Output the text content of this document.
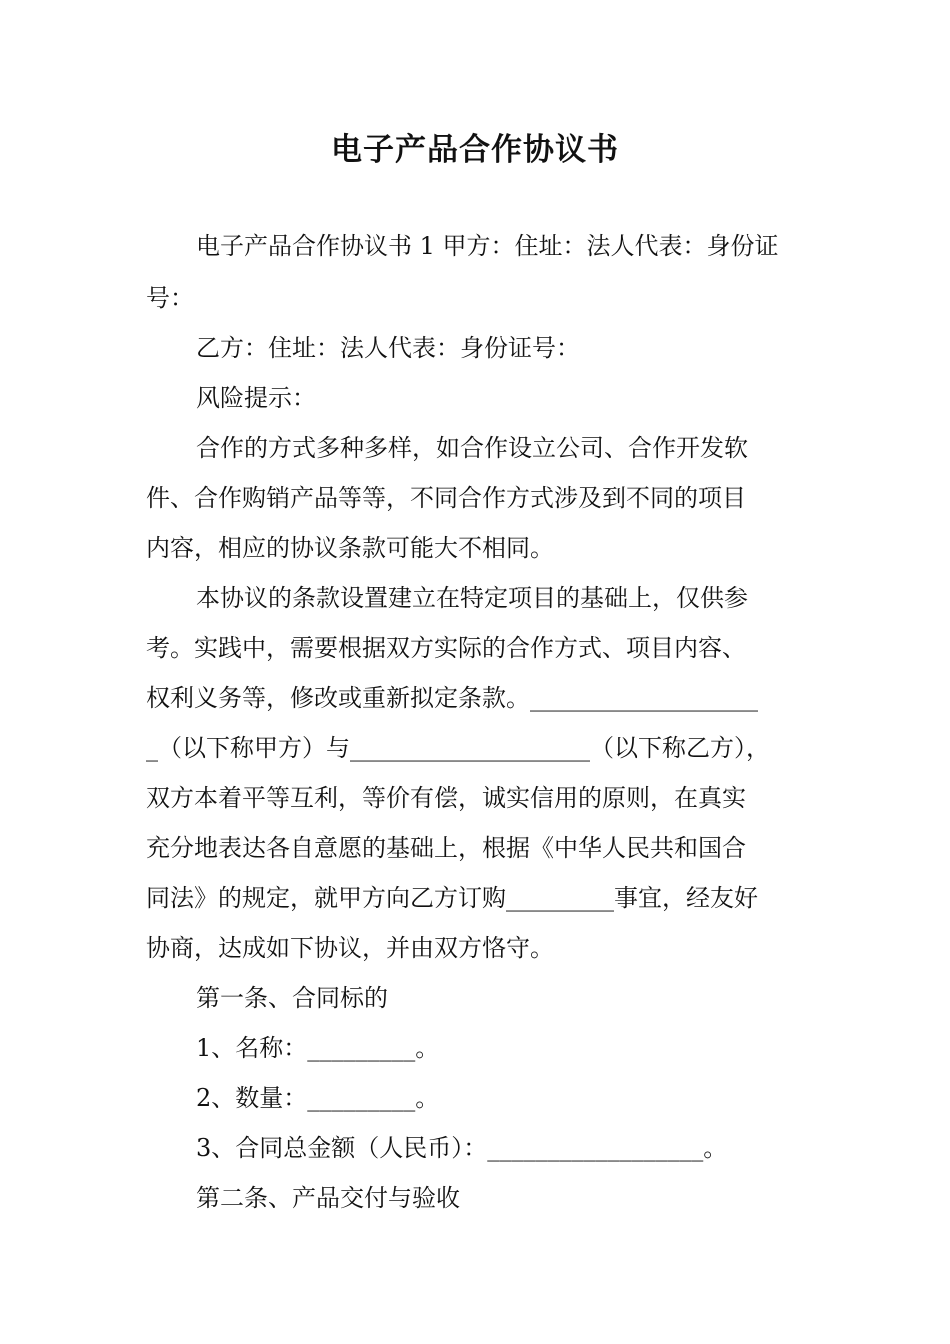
电子产品合作协议书

电子产品合作协议书 1 甲方：住址：法人代表：身份证

号：

乙方：住址：法人代表：身份证号：

风险提示：

合作的方式多种多样，如合作设立公司、合作开发软

件、合作购销产品等等，不同合作方式涉及到不同的项目

内容，相应的协议条款可能大不相同。

本协议的条款设置建立在特定项目的基础上，仅供参

考。实践中，需要根据双方实际的合作方式、项目内容、

权利义务等，修改或重新拟定条款。___________________

_（以下称甲方）与____________________（以下称乙方），

双方本着平等互利，等价有偿，诚实信用的原则，在真实

充分地表达各自意愿的基础上，根据《中华人民共和国合

同法》的规定，就甲方向乙方订购_________事宜，经友好

协商，达成如下协议，并由双方恪守。

第一条、合同标的

1、名称：_________。

2、数量：_________。

3、合同总金额（人民币）：__________________。

第二条、产品交付与验收
